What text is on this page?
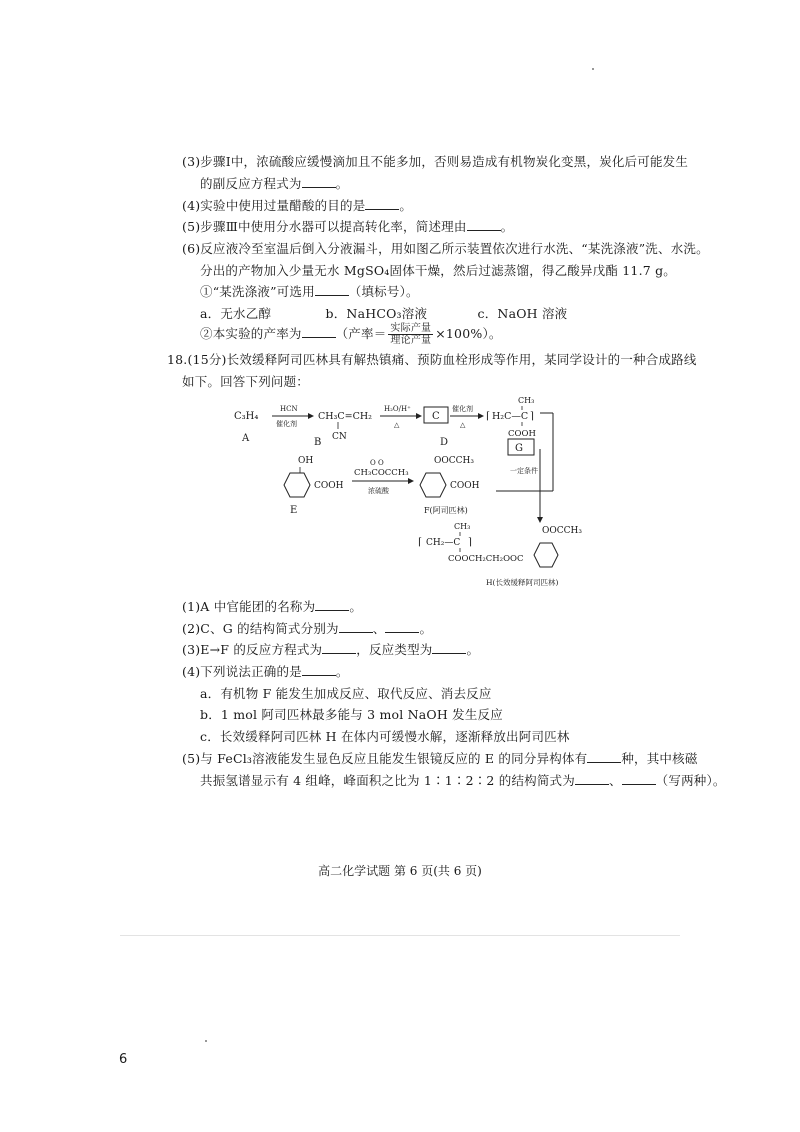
(3)步骤Ⅰ中，浓硫酸应缓慢滴加且不能多加，否则易造成有机物炭化变黑，炭化后可能发生
的副反应方程式为	。
(4)实验中使用过量醋酸的目的是	。
(5)步骤Ⅲ中使用分水器可以提高转化率，简述理由	。
(6)反应液冷至室温后倒入分液漏斗，用如图乙所示装置依次进行水洗、“某洗涤液”洗、水洗。
分出的产物加入少量无水 MgSO₄固体干燥，然后过滤蒸馏，得乙酸异戊酯 11.7 g。
①“某洗涤液”可选用	（填标号）。
a．无水乙醇	b．NaHCO₃溶液	c．NaOH 溶液
②本实验的产率为	（产率＝ $\frac{\text{实际产量}}{\text{理论产量}} \times 100\%$）。
18.(15分)长效缓释阿司匹林具有解热镇痛、预防血栓形成等作用，某同学设计的一种合成路线
如下。回答下列问题：
C₃H₄
A
HCN
催化剂
CH₃C=CH₂
CN
B
H₂O/H⁺
△
C
催化剂
△
CH₃
⌈ H₂C—C ⌉
COOH
D
G
一定条件
OH
COOH
E
O O
CH₃COCCH₃
浓硫酸
OOCCH₃
COOH
F(阿司匹林)
CH₃
⌈ CH₂—C ⌉
COOCH₂CH₂OOC
OOCCH₃
H(长效缓释阿司匹林)
(1)A 中官能团的名称为	。
(2)C、G 的结构简式分别为	、	。
(3)E→F 的反应方程式为	，反应类型为	。
(4)下列说法正确的是	。
a．有机物 F 能发生加成反应、取代反应、消去反应
b．1 mol 阿司匹林最多能与 3 mol NaOH 发生反应
c．长效缓释阿司匹林 H 在体内可缓慢水解，逐渐释放出阿司匹林
(5)与 FeCl₃溶液能发生显色反应且能发生银镜反应的 E 的同分异构体有	种，其中核磁
共振氢谱显示有 4 组峰，峰面积之比为 1∶1∶2∶2 的结构简式为	、	（写两种）。
高二化学试题 第 6 页(共 6 页)
6
